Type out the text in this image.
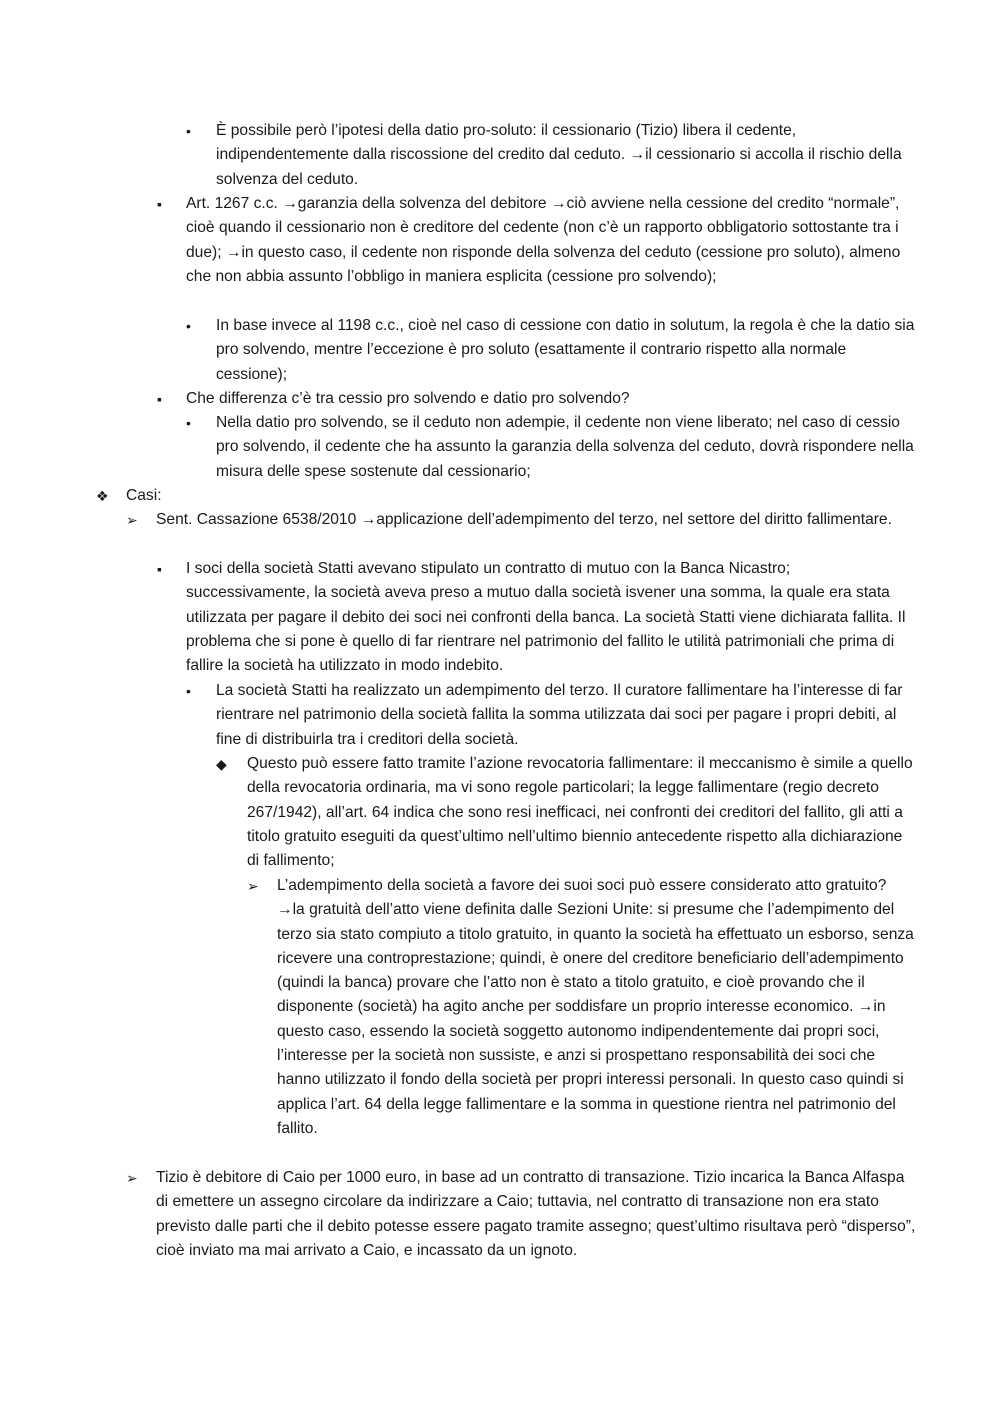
• È possibile però l’ipotesi della datio pro-soluto: il cessionario (Tizio) libera il cedente, indipendentemente dalla riscossione del credito dal ceduto. →il cessionario si accolla il rischio della solvenza del ceduto.
▪ Art. 1267 c.c. →garanzia della solvenza del debitore →ciò avviene nella cessione del credito “normale”, cioè quando il cessionario non è creditore del cedente (non c’è un rapporto obbligatorio sottostante tra i due); →in questo caso, il cedente non risponde della solvenza del ceduto (cessione pro soluto), almeno che non abbia assunto l’obbligo in maniera esplicita (cessione pro solvendo);
• In base invece al 1198 c.c., cioè nel caso di cessione con datio in solutum, la regola è che la datio sia pro solvendo, mentre l’eccezione è pro soluto (esattamente il contrario rispetto alla normale cessione);
▪ Che differenza c’è tra cessio pro solvendo e datio pro solvendo?
• Nella datio pro solvendo, se il ceduto non adempie, il cedente non viene liberato; nel caso di cessio pro solvendo, il cedente che ha assunto la garanzia della solvenza del ceduto, dovrà rispondere nella misura delle spese sostenute dal cessionario;
❖ Casi:
➢ Sent. Cassazione 6538/2010 →applicazione dell’adempimento del terzo, nel settore del diritto fallimentare.
▪ I soci della società Statti avevano stipulato un contratto di mutuo con la Banca Nicastro; successivamente, la società aveva preso a mutuo dalla società isvener una somma, la quale era stata utilizzata per pagare il debito dei soci nei confronti della banca. La società Statti viene dichiarata fallita. Il problema che si pone è quello di far rientrare nel patrimonio del fallito le utilità patrimoniali che prima di fallire la società ha utilizzato in modo indebito.
• La società Statti ha realizzato un adempimento del terzo. Il curatore fallimentare ha l’interesse di far rientrare nel patrimonio della società fallita la somma utilizzata dai soci per pagare i propri debiti, al fine di distribuirla tra i creditori della società.
◆ Questo può essere fatto tramite l’azione revocatoria fallimentare: il meccanismo è simile a quello della revocatoria ordinaria, ma vi sono regole particolari; la legge fallimentare (regio decreto 267/1942), all’art. 64 indica che sono resi inefficaci, nei confronti dei creditori del fallito, gli atti a titolo gratuito eseguiti da quest’ultimo nell’ultimo biennio antecedente rispetto alla dichiarazione di fallimento;
➢ L’adempimento della società a favore dei suoi soci può essere considerato atto gratuito? →la gratuità dell’atto viene definita dalle Sezioni Unite: si presume che l’adempimento del terzo sia stato compiuto a titolo gratuito, in quanto la società ha effettuato un esborso, senza ricevere una controprestazione; quindi, è onere del creditore beneficiario dell’adempimento (quindi la banca) provare che l’atto non è stato a titolo gratuito, e cioè provando che il disponente (società) ha agito anche per soddisfare un proprio interesse economico. →in questo caso, essendo la società soggetto autonomo indipendentemente dai propri soci, l’interesse per la società non sussiste, e anzi si prospettano responsabilità dei soci che hanno utilizzato il fondo della società per propri interessi personali. In questo caso quindi si applica l’art. 64 della legge fallimentare e la somma in questione rientra nel patrimonio del fallito.
➢ Tizio è debitore di Caio per 1000 euro, in base ad un contratto di transazione. Tizio incarica la Banca Alfaspa di emettere un assegno circolare da indirizzare a Caio; tuttavia, nel contratto di transazione non era stato previsto dalle parti che il debito potesse essere pagato tramite assegno; quest’ultimo risultava però “disperso”, cioè inviato ma mai arrivato a Caio, e incassato da un ignoto.
